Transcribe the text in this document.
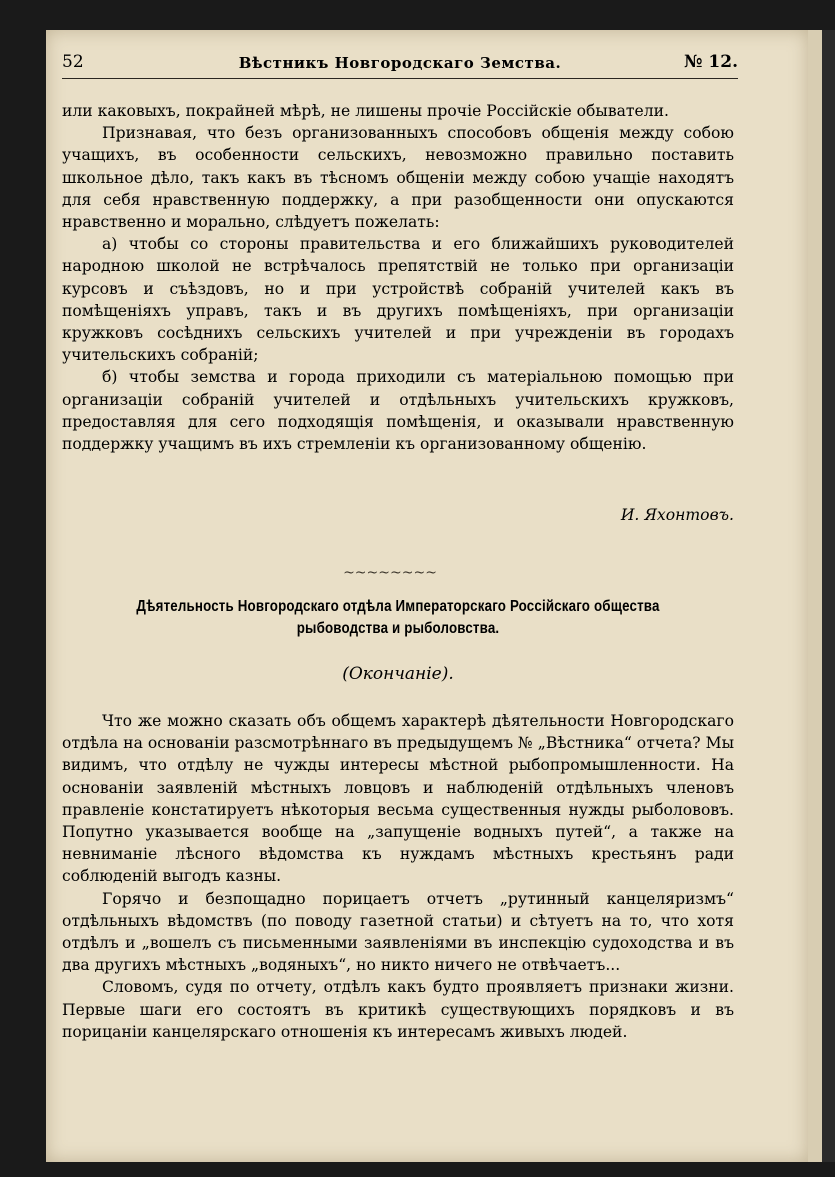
52	Вѣстникъ Новгородскаго Земства.	№ 12.

или каковыхъ, покрайней мѣрѣ, не лишены прочіе Россійскіе обыватели.

Признавая, что безъ организованныхъ способовъ общенія между собою учащихъ, въ особенности сельскихъ, невозможно правильно поставить школьное дѣло, такъ какъ въ тѣсномъ общеніи между собою учащіе находятъ для себя нравственную поддержку, а при разобщенности они опускаются нравственно и морально, слѣдуетъ пожелать:

а) чтобы со стороны правительства и его ближайшихъ руководителей народною школой не встрѣчалось препятствій не только при организаціи курсовъ и съѣздовъ, но и при устройствѣ собраній учителей какъ въ помѣщеніяхъ управъ, такъ и въ другихъ помѣщеніяхъ, при организаціи кружковъ сосѣднихъ сельскихъ учителей и при учрежденіи въ городахъ учительскихъ собраній;

б) чтобы земства и города приходили съ матеріальною помощью при организаціи собраній учителей и отдѣльныхъ учительскихъ кружковъ, предоставляя для сего подходящія помѣщенія, и оказывали нравственную поддержку учащимъ въ ихъ стремленіи къ организованному общенію.

И. Яхонтовъ.
~~~~~~~~
Дѣятельность Новгородскаго отдѣла Императорскаго Россійскаго общества рыбоводства и рыболовства.
(Окончаніе).

Что же можно сказать объ общемъ характерѣ дѣятельности Новгородскаго отдѣла на основаніи разсмотрѣннаго въ предыдущемъ № „Вѣстника“ отчета? Мы видимъ, что отдѣлу не чужды интересы мѣстной рыбопромышленности. На основаніи заявленій мѣстныхъ ловцовъ и наблюденій отдѣльныхъ членовъ правленіе констатируетъ нѣкоторыя весьма существенныя нужды рыболововъ. Попутно указывается вообще на „запущеніе водныхъ путей“, а также на невниманіе лѣсного вѣдомства къ нуждамъ мѣстныхъ крестьянъ ради соблюденій выгодъ казны.

Горячо и безпощадно порицаетъ отчетъ „рутинный канцеляризмъ“ отдѣльныхъ вѣдомствъ (по поводу газетной статьи) и сѣтуетъ на то, что хотя отдѣлъ и „вошелъ съ письменными заявленіями въ инспекцію судоходства и въ два другихъ мѣстныхъ „водяныхъ“, но никто ничего не отвѣчаетъ...

Словомъ, судя по отчету, отдѣлъ какъ будто проявляетъ признаки жизни. Первые шаги его состоятъ въ критикѣ существующихъ порядковъ и въ порицаніи канцелярскаго отношенія къ интересамъ живыхъ людей.
